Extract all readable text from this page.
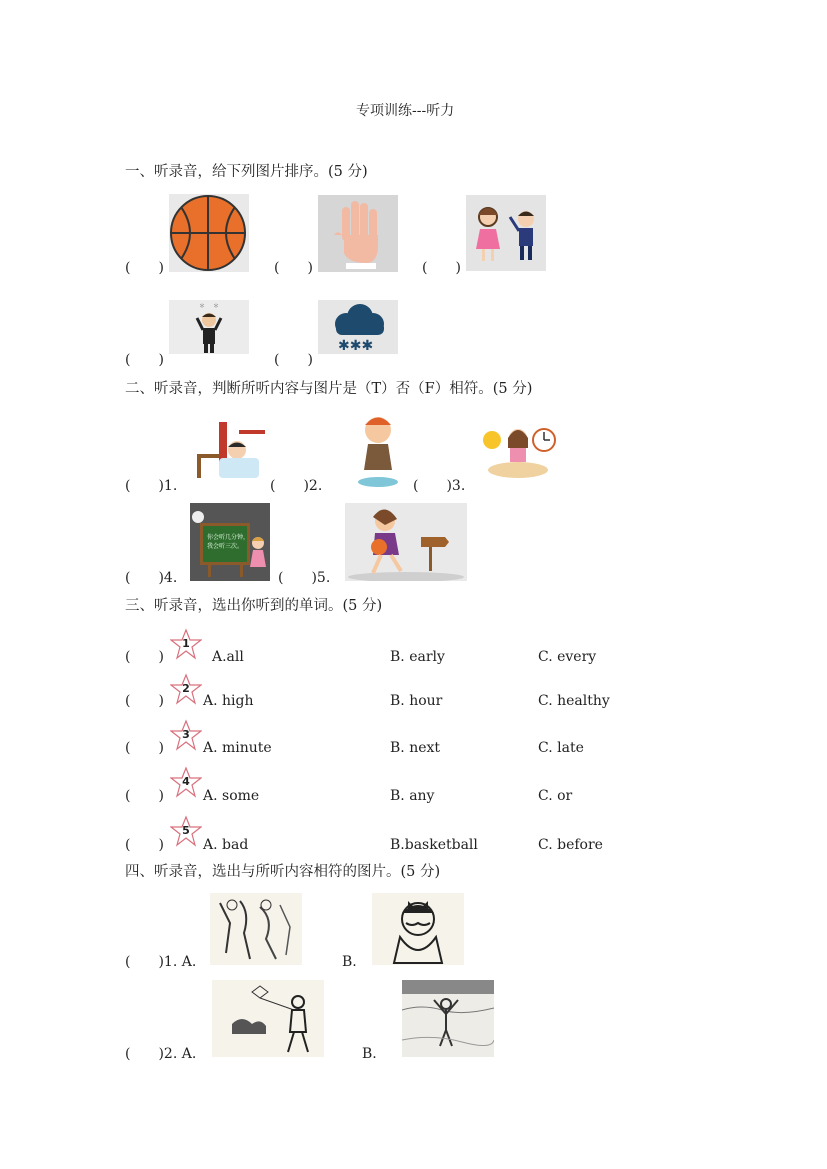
专项训练---听力
一、听录音，给下列图片排序。(5 分)
(　　)	(　　)	(　　)
＊ ＊
(　　)
✱✱✱
(　　)
二、听录音，判断所听内容与图片是（T）否（F）相符。(5 分)
(　　)1.	(　　)2.	(　　)3.
你会听几分钟，
我会听三次。
(　　)4.	(　　)5.
三、听录音，选出你听到的单词。(5 分)
(　　)
1
A.all	B. early	C. every
(　　)
2
A. high	B. hour	C. healthy
(　　)
3
A. minute	B. next	C. late
(　　)
4
A. some	B. any	C. or
(　　)
5
A. bad	B.basketball	C. before
四、听录音，选出与所听内容相符的图片。(5 分)
(　　)1. A.	B.
(　　)2. A.	B.
